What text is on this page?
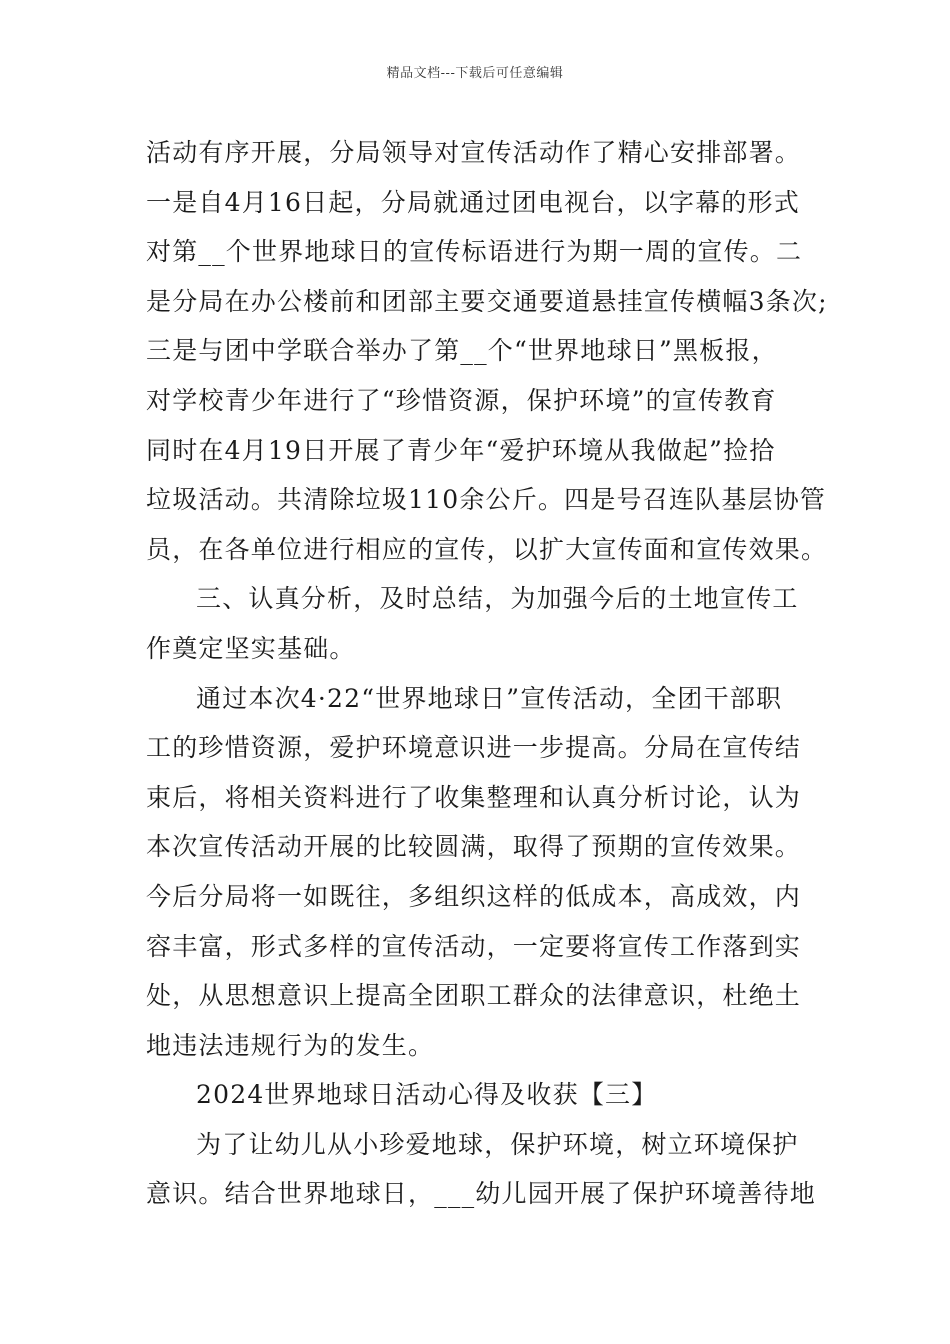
精品文档---下载后可任意编辑
活动有序开展，分局领导对宣传活动作了精心安排部署。
一是自4月16日起，分局就通过团电视台，以字幕的形式
对第__个世界地球日的宣传标语进行为期一周的宣传。二
是分局在办公楼前和团部主要交通要道悬挂宣传横幅3条次;
三是与团中学联合举办了第__个“世界地球日”黑板报，
对学校青少年进行了“珍惜资源，保护环境”的宣传教育
同时在4月19日开展了青少年“爱护环境从我做起”捡拾
垃圾活动。共清除垃圾110余公斤。四是号召连队基层协管
员，在各单位进行相应的宣传，以扩大宣传面和宣传效果。
三、认真分析，及时总结，为加强今后的土地宣传工
作奠定坚实基础。
通过本次4·22“世界地球日”宣传活动，全团干部职
工的珍惜资源，爱护环境意识进一步提高。分局在宣传结
束后，将相关资料进行了收集整理和认真分析讨论，认为
本次宣传活动开展的比较圆满，取得了预期的宣传效果。
今后分局将一如既往，多组织这样的低成本，高成效，内
容丰富，形式多样的宣传活动，一定要将宣传工作落到实
处，从思想意识上提高全团职工群众的法律意识，杜绝土
地违法违规行为的发生。
2024世界地球日活动心得及收获【三】
为了让幼儿从小珍爱地球，保护环境，树立环境保护
意识。结合世界地球日，___幼儿园开展了保护环境善待地
